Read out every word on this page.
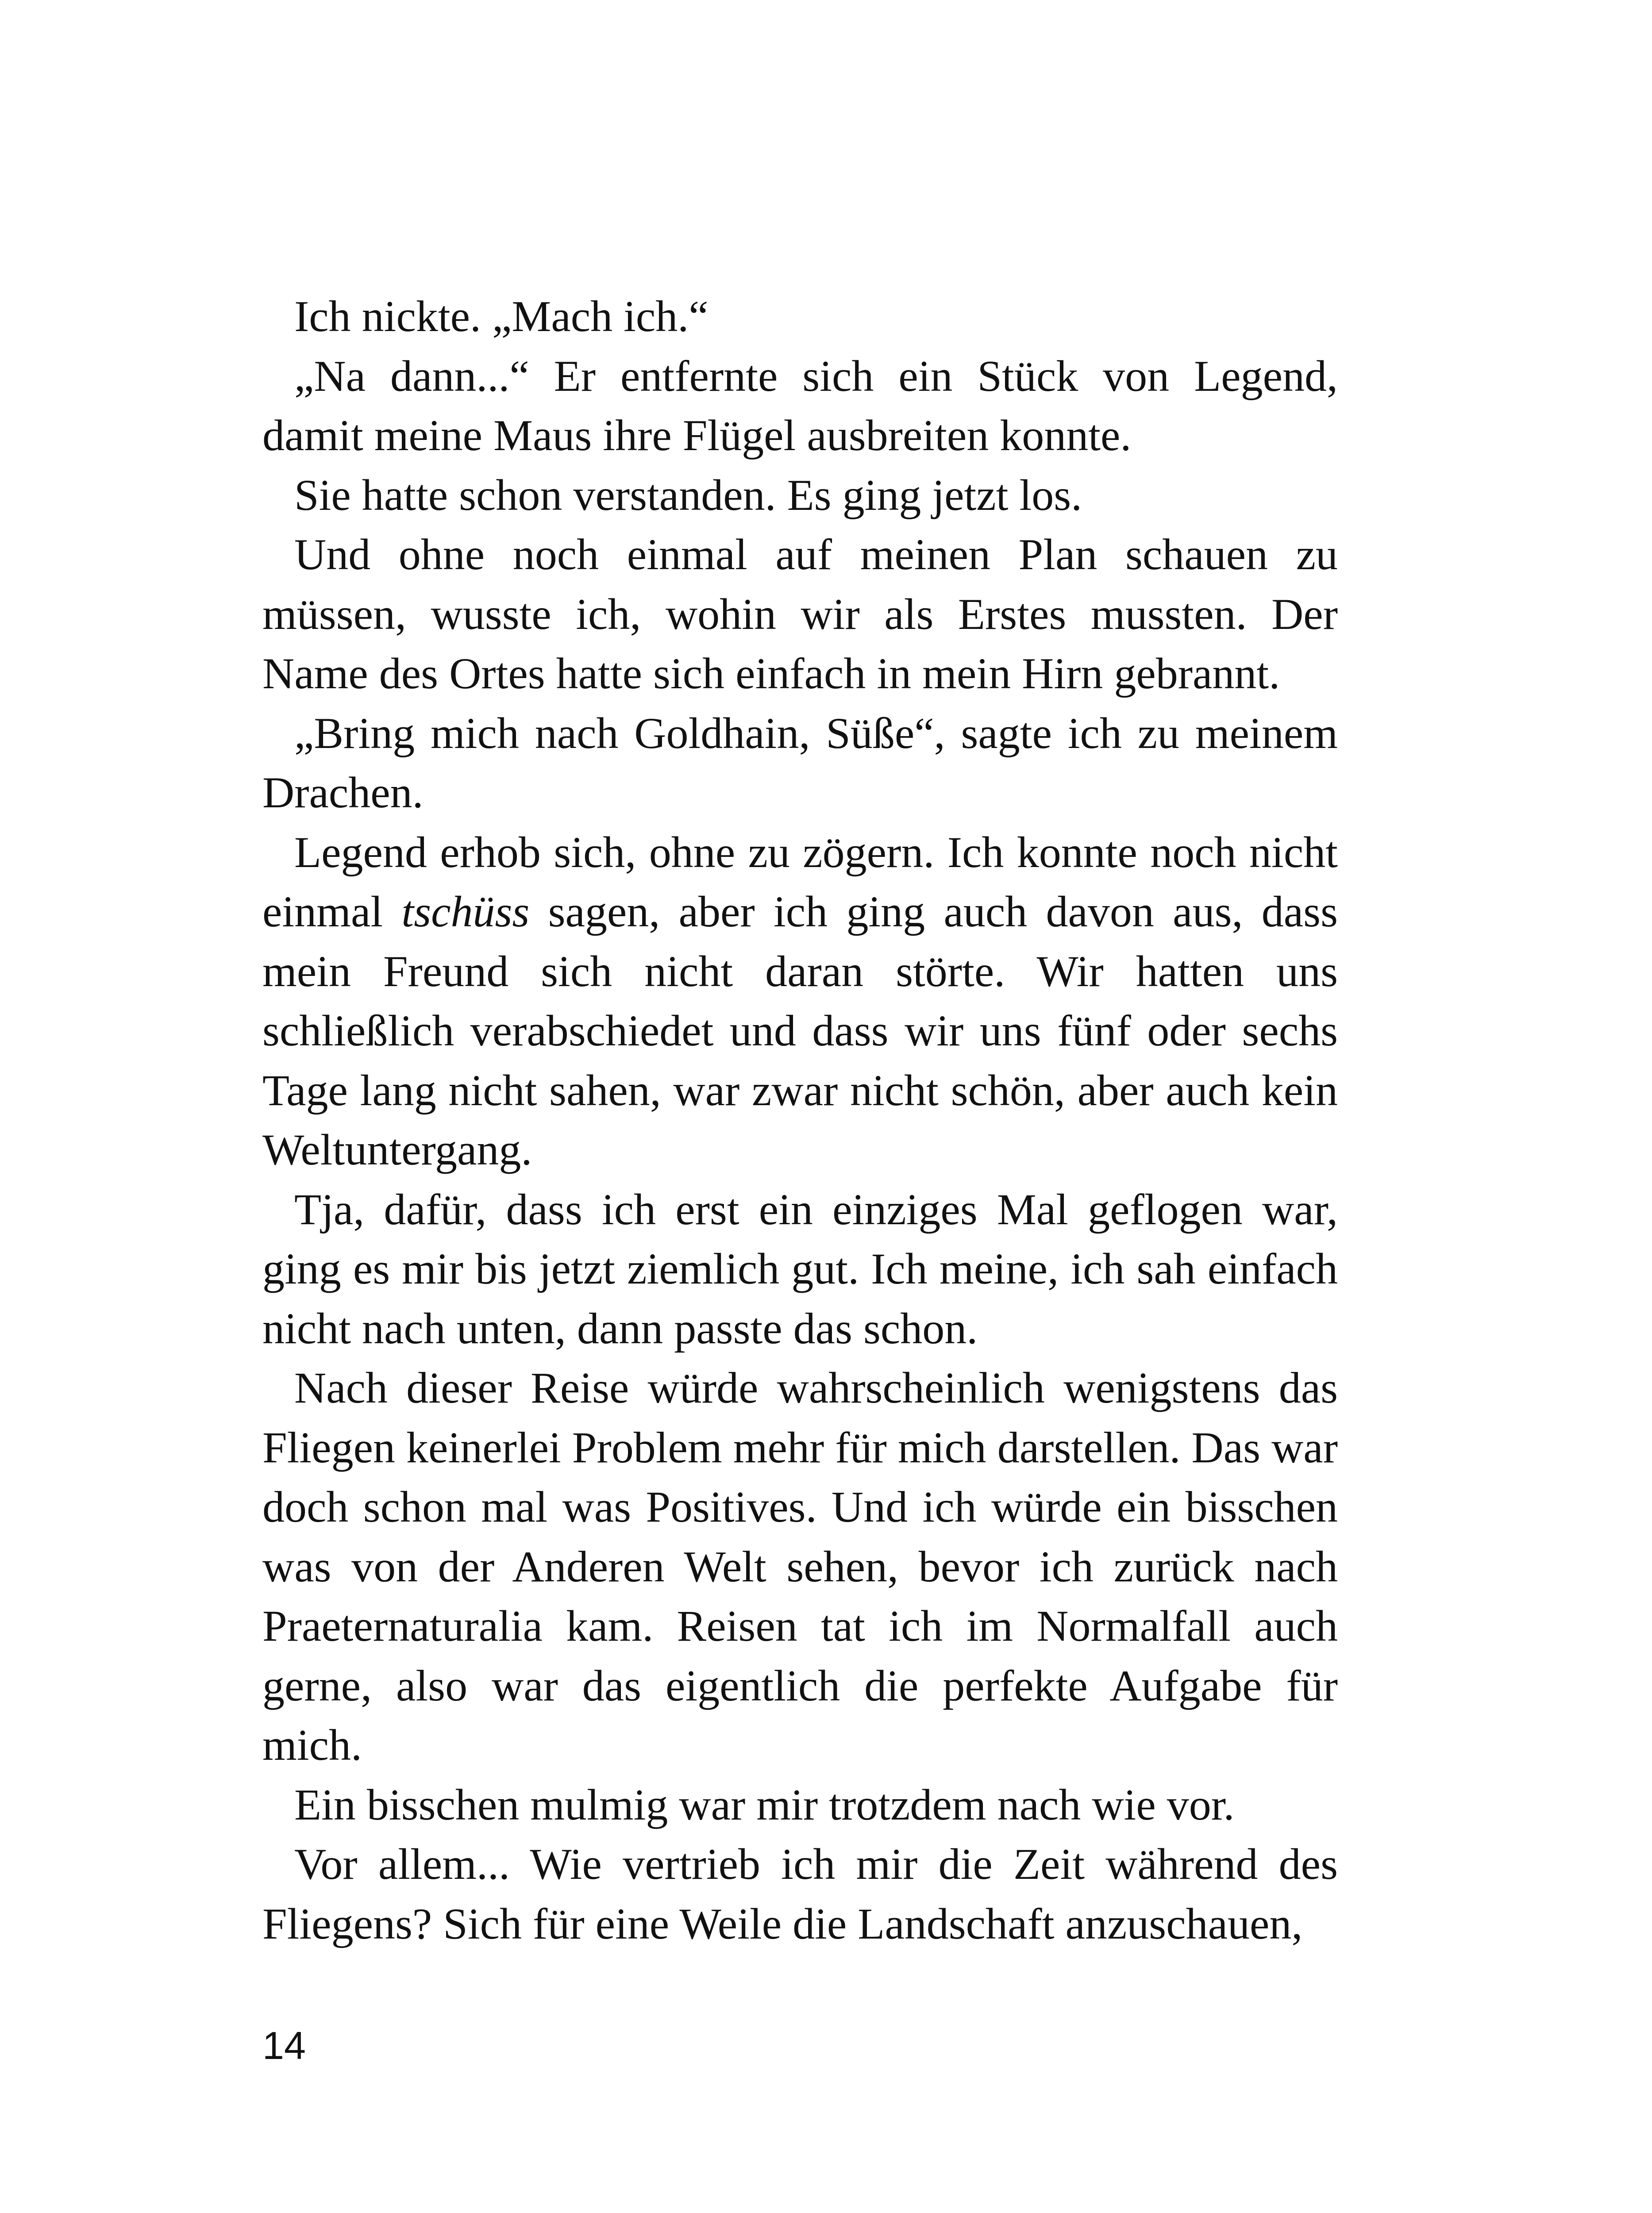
Ich nickte. „Mach ich.“

„Na dann...“ Er entfernte sich ein Stück von Legend, damit meine Maus ihre Flügel ausbreiten konnte.

Sie hatte schon verstanden. Es ging jetzt los.

Und ohne noch einmal auf meinen Plan schauen zu müssen, wusste ich, wohin wir als Erstes mussten. Der Name des Ortes hatte sich einfach in mein Hirn gebrannt.

„Bring mich nach Goldhain, Süße“, sagte ich zu meinem Drachen.

Legend erhob sich, ohne zu zögern. Ich konnte noch nicht einmal tschüss sagen, aber ich ging auch davon aus, dass mein Freund sich nicht daran störte. Wir hatten uns schließlich verabschiedet und dass wir uns fünf oder sechs Tage lang nicht sahen, war zwar nicht schön, aber auch kein Weltuntergang.

Tja, dafür, dass ich erst ein einziges Mal geflogen war, ging es mir bis jetzt ziemlich gut. Ich meine, ich sah einfach nicht nach unten, dann passte das schon.

Nach dieser Reise würde wahrscheinlich wenigstens das Fliegen keinerlei Problem mehr für mich darstellen. Das war doch schon mal was Positives. Und ich würde ein bisschen was von der Anderen Welt sehen, bevor ich zurück nach Praeternaturalia kam. Reisen tat ich im Normalfall auch gerne, also war das eigentlich die perfekte Aufgabe für mich.

Ein bisschen mulmig war mir trotzdem nach wie vor.

Vor allem... Wie vertrieb ich mir die Zeit während des Fliegens? Sich für eine Weile die Landschaft anzuschauen,

14
